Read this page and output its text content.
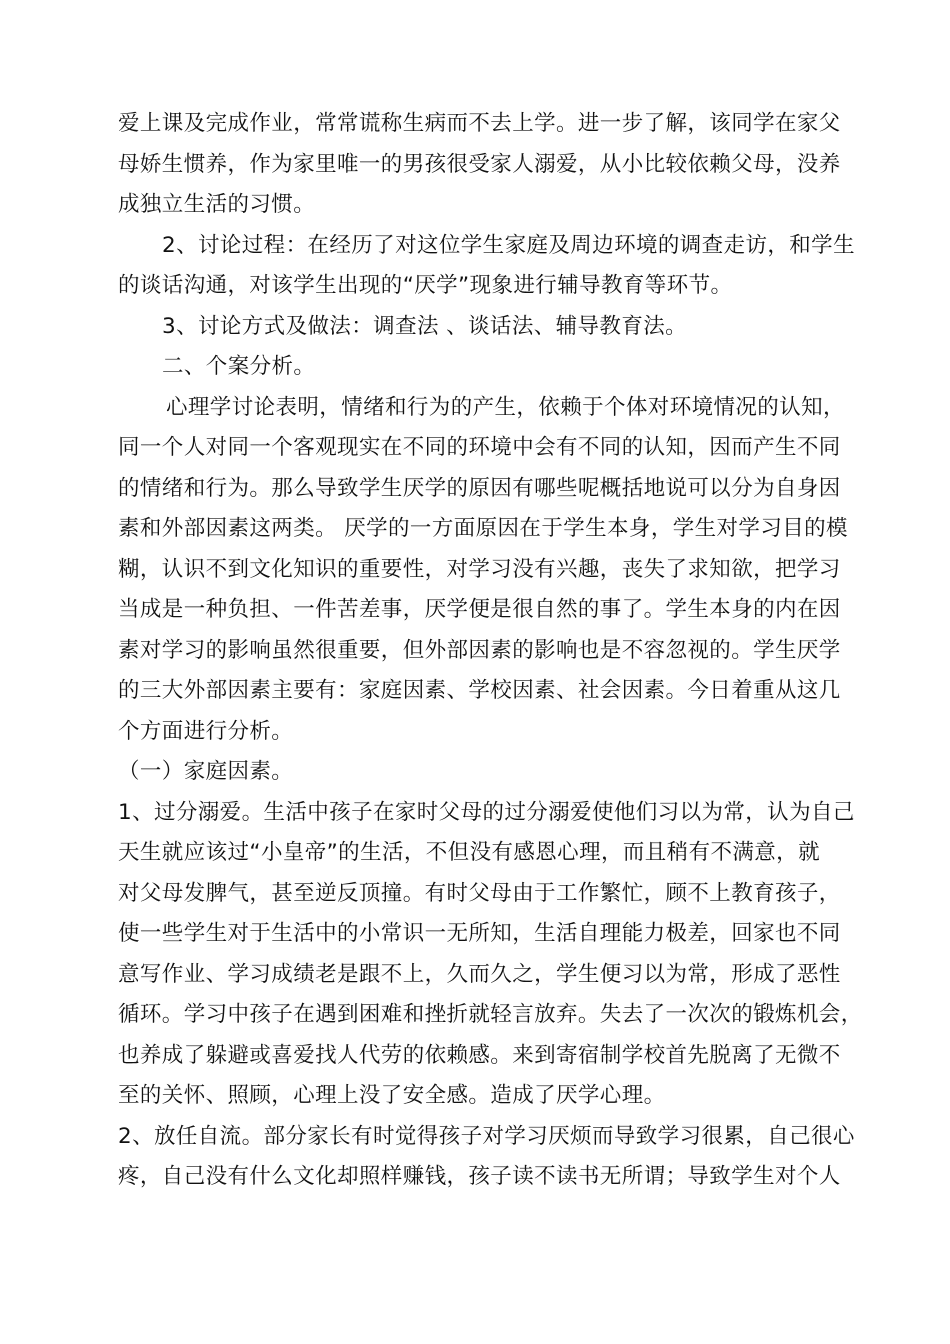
爱上课及完成作业，常常谎称生病而不去上学。进一步了解，该同学在家父
母娇生惯养，作为家里唯一的男孩很受家人溺爱，从小比较依赖父母，没养
成独立生活的习惯。
2、讨论过程：在经历了对这位学生家庭及周边环境的调查走访，和学生
的谈话沟通，对该学生出现的“厌学”现象进行辅导教育等环节。
3、讨论方式及做法：调查法 、谈话法、辅导教育法。
二、个案分析。
心理学讨论表明，情绪和行为的产生，依赖于个体对环境情况的认知，
同一个人对同一个客观现实在不同的环境中会有不同的认知，因而产生不同
的情绪和行为。那么导致学生厌学的原因有哪些呢概括地说可以分为自身因
素和外部因素这两类。 厌学的一方面原因在于学生本身，学生对学习目的模
糊，认识不到文化知识的重要性，对学习没有兴趣，丧失了求知欲，把学习
当成是一种负担、一件苦差事，厌学便是很自然的事了。学生本身的内在因
素对学习的影响虽然很重要，但外部因素的影响也是不容忽视的。学生厌学
的三大外部因素主要有：家庭因素、学校因素、社会因素。今日着重从这几
个方面进行分析。
（一）家庭因素。
1、过分溺爱。生活中孩子在家时父母的过分溺爱使他们习以为常，认为自己
天生就应该过“小皇帝”的生活，不但没有感恩心理，而且稍有不满意，就
对父母发脾气，甚至逆反顶撞。有时父母由于工作繁忙，顾不上教育孩子，
使一些学生对于生活中的小常识一无所知，生活自理能力极差，回家也不同
意写作业、学习成绩老是跟不上，久而久之，学生便习以为常，形成了恶性
循环。学习中孩子在遇到困难和挫折就轻言放弃。失去了一次次的锻炼机会，
也养成了躲避或喜爱找人代劳的依赖感。来到寄宿制学校首先脱离了无微不
至的关怀、照顾，心理上没了安全感。造成了厌学心理。
2、放任自流。部分家长有时觉得孩子对学习厌烦而导致学习很累，自己很心
疼，自己没有什么文化却照样赚钱，孩子读不读书无所谓；导致学生对个人
